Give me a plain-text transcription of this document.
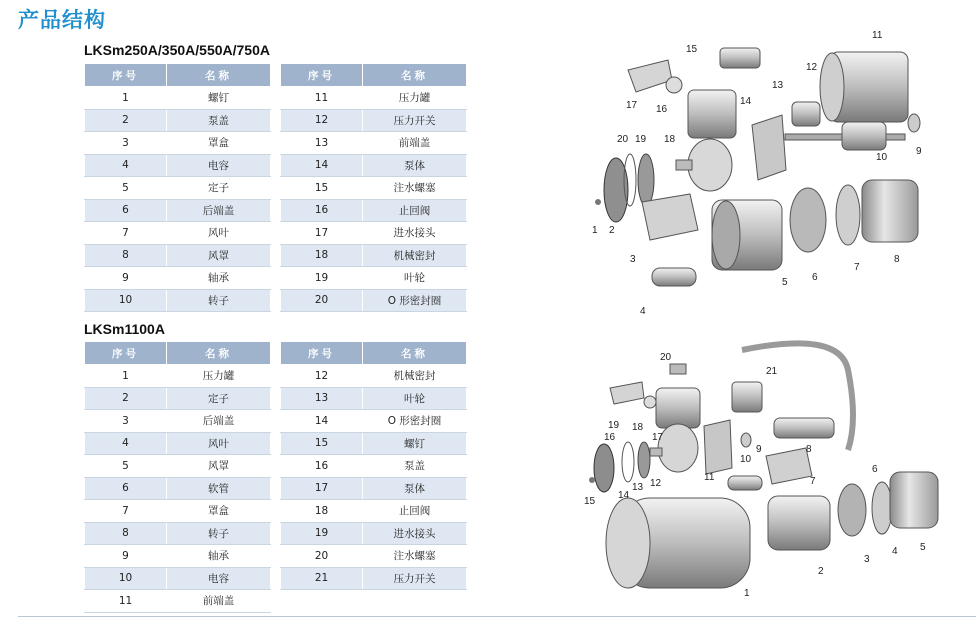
产品结构
LKSm250A/350A/550A/750A
序号	名称
1	螺钉
2	泵盖
3	罩盒
4	电容
5	定子
6	后端盖
7	风叶
8	风罩
9	轴承
10	转子
序号	名称
11	压力罐
12	压力开关
13	前端盖
14	泵体
15	注水螺塞
16	止回阀
17	进水接头
18	机械密封
19	叶轮
20	O 形密封圈
LKSm1100A
序号	名称
1	压力罐
2	定子
3	后端盖
4	风叶
5	风罩
6	软管
7	罩盒
8	转子
9	轴承
10	电容
11	前端盖
序号	名称
12	机械密封
13	叶轮
14	O 形密封圈
15	螺钉
16	泵盖
17	泵体
18	止回阀
19	进水接头
20	注水螺塞
21	压力开关
1 2
3
4
5 6
7
8
9
10
11
12
13
14
15
16
17
18
19
20
1
2
3
4 5
6
7
8
9
10
11
12
13
14
15
16	17
18
19
20
21
